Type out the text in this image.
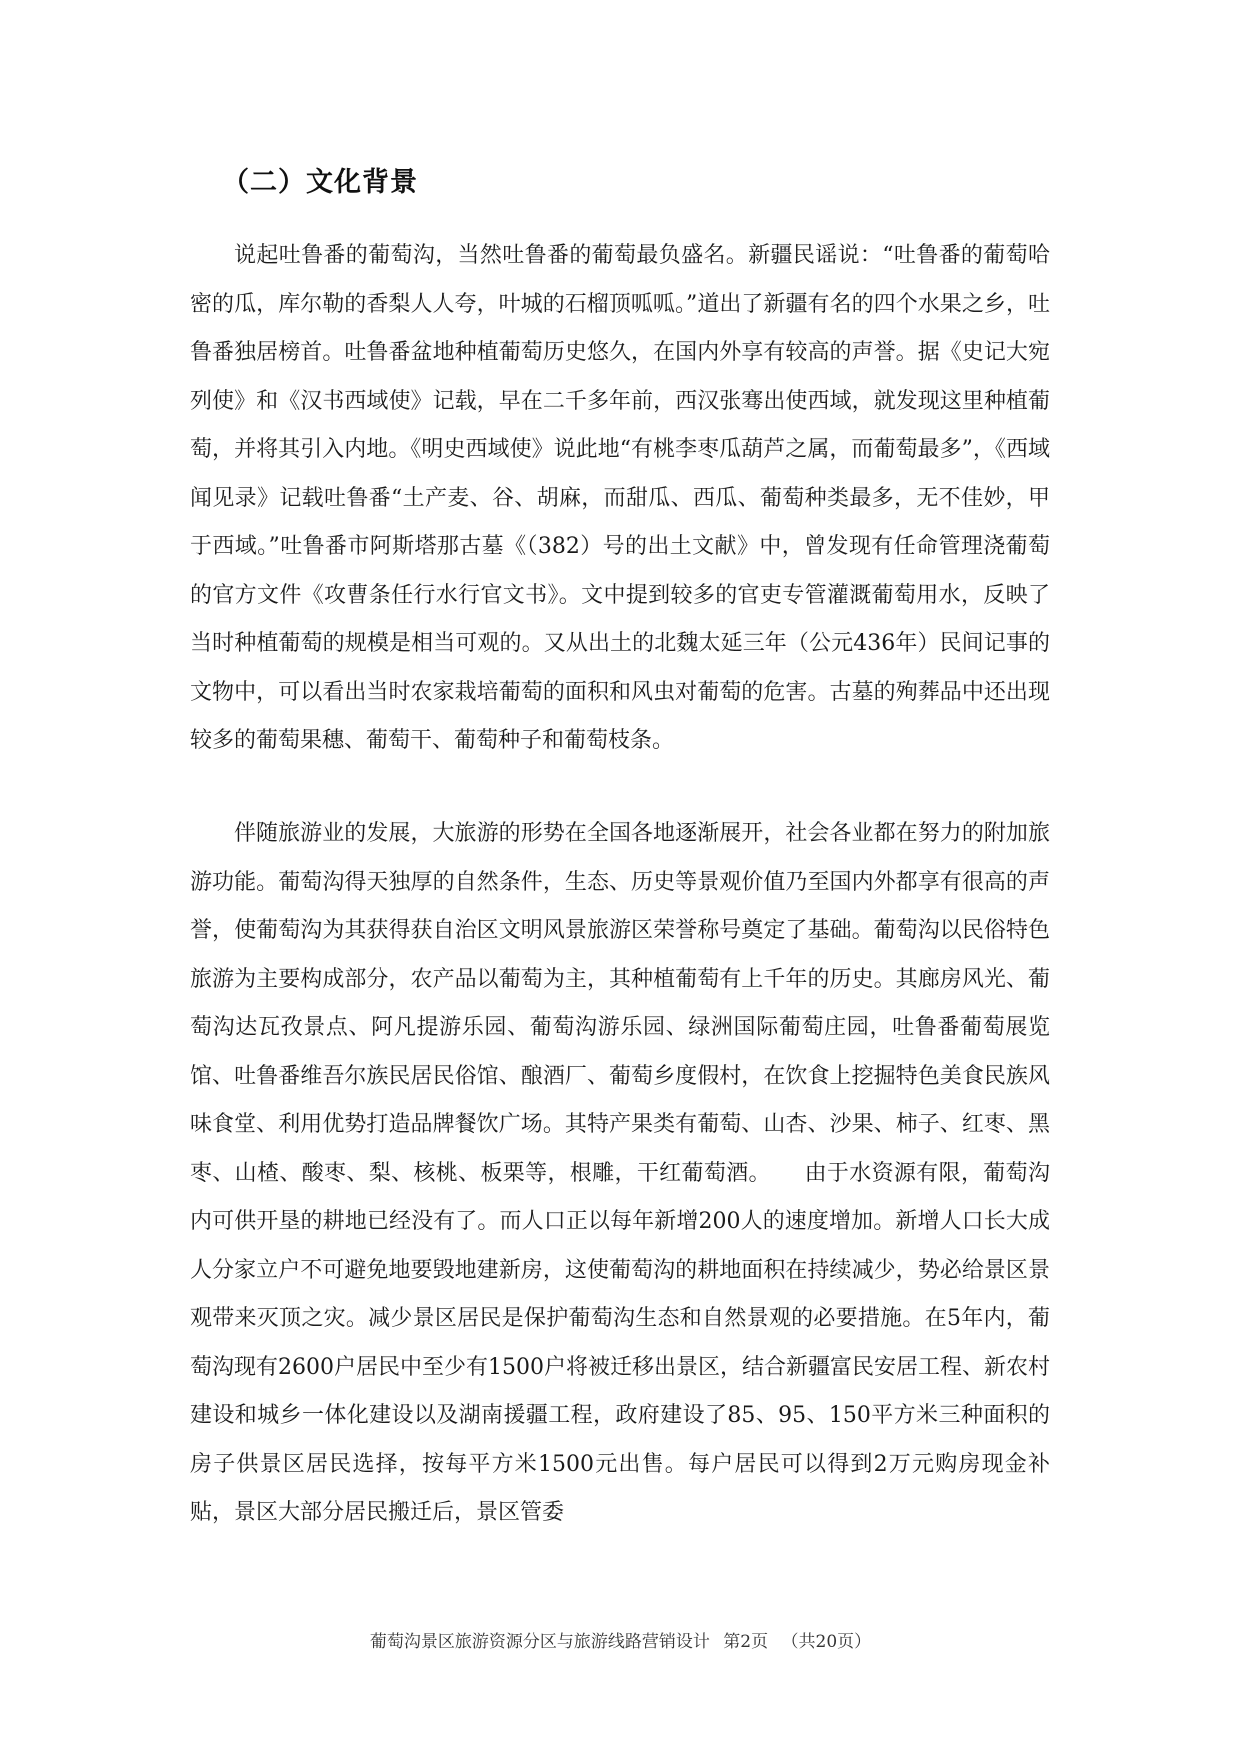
（二）文化背景

说起吐鲁番的葡萄沟，当然吐鲁番的葡萄最负盛名。新疆民谣说：“吐鲁番的葡萄哈密的瓜，库尔勒的香梨人人夸，叶城的石榴顶呱呱。”道出了新疆有名的四个水果之乡，吐鲁番独居榜首。吐鲁番盆地种植葡萄历史悠久，在国内外享有较高的声誉。据《史记大宛列使》和《汉书西域使》记载，早在二千多年前，西汉张骞出使西域，就发现这里种植葡萄，并将其引入内地。《明史西域使》说此地“有桃李枣瓜葫芦之属，而葡萄最多”，《西域闻见录》记载吐鲁番“土产麦、谷、胡麻，而甜瓜、西瓜、葡萄种类最多，无不佳妙，甲于西域。”吐鲁番市阿斯塔那古墓《（382）号的出土文献》中，曾发现有任命管理浇葡萄的官方文件《攻曹条任行水行官文书》。文中提到较多的官吏专管灌溉葡萄用水，反映了当时种植葡萄的规模是相当可观的。又从出土的北魏太延三年（公元436年）民间记事的文物中，可以看出当时农家栽培葡萄的面积和风虫对葡萄的危害。古墓的殉葬品中还出现较多的葡萄果穗、葡萄干、葡萄种子和葡萄枝条。

伴随旅游业的发展，大旅游的形势在全国各地逐渐展开，社会各业都在努力的附加旅游功能。葡萄沟得天独厚的自然条件，生态、历史等景观价值乃至国内外都享有很高的声誉，使葡萄沟为其获得获自治区文明风景旅游区荣誉称号奠定了基础。葡萄沟以民俗特色旅游为主要构成部分，农产品以葡萄为主，其种植葡萄有上千年的历史。其廊房风光、葡萄沟达瓦孜景点、阿凡提游乐园、葡萄沟游乐园、绿洲国际葡萄庄园，吐鲁番葡萄展览馆、吐鲁番维吾尔族民居民俗馆、酿酒厂、葡萄乡度假村，在饮食上挖掘特色美食民族风味食堂、利用优势打造品牌餐饮广场。其特产果类有葡萄、山杏、沙果、柿子、红枣、黑枣、山楂、酸枣、梨、核桃、板栗等，根雕，干红葡萄酒。　　由于水资源有限，葡萄沟内可供开垦的耕地已经没有了。而人口正以每年新增200人的速度增加。新增人口长大成人分家立户不可避免地要毁地建新房，这使葡萄沟的耕地面积在持续减少，势必给景区景观带来灭顶之灾。减少景区居民是保护葡萄沟生态和自然景观的必要措施。在5年内，葡萄沟现有2600户居民中至少有1500户将被迁移出景区，结合新疆富民安居工程、新农村建设和城乡一体化建设以及湖南援疆工程，政府建设了85、95、150平方米三种面积的房子供景区居民选择，按每平方米1500元出售。每户居民可以得到2万元购房现金补贴，景区大部分居民搬迁后，景区管委

葡萄沟景区旅游资源分区与旅游线路营销设计 第2页 （共20页）
